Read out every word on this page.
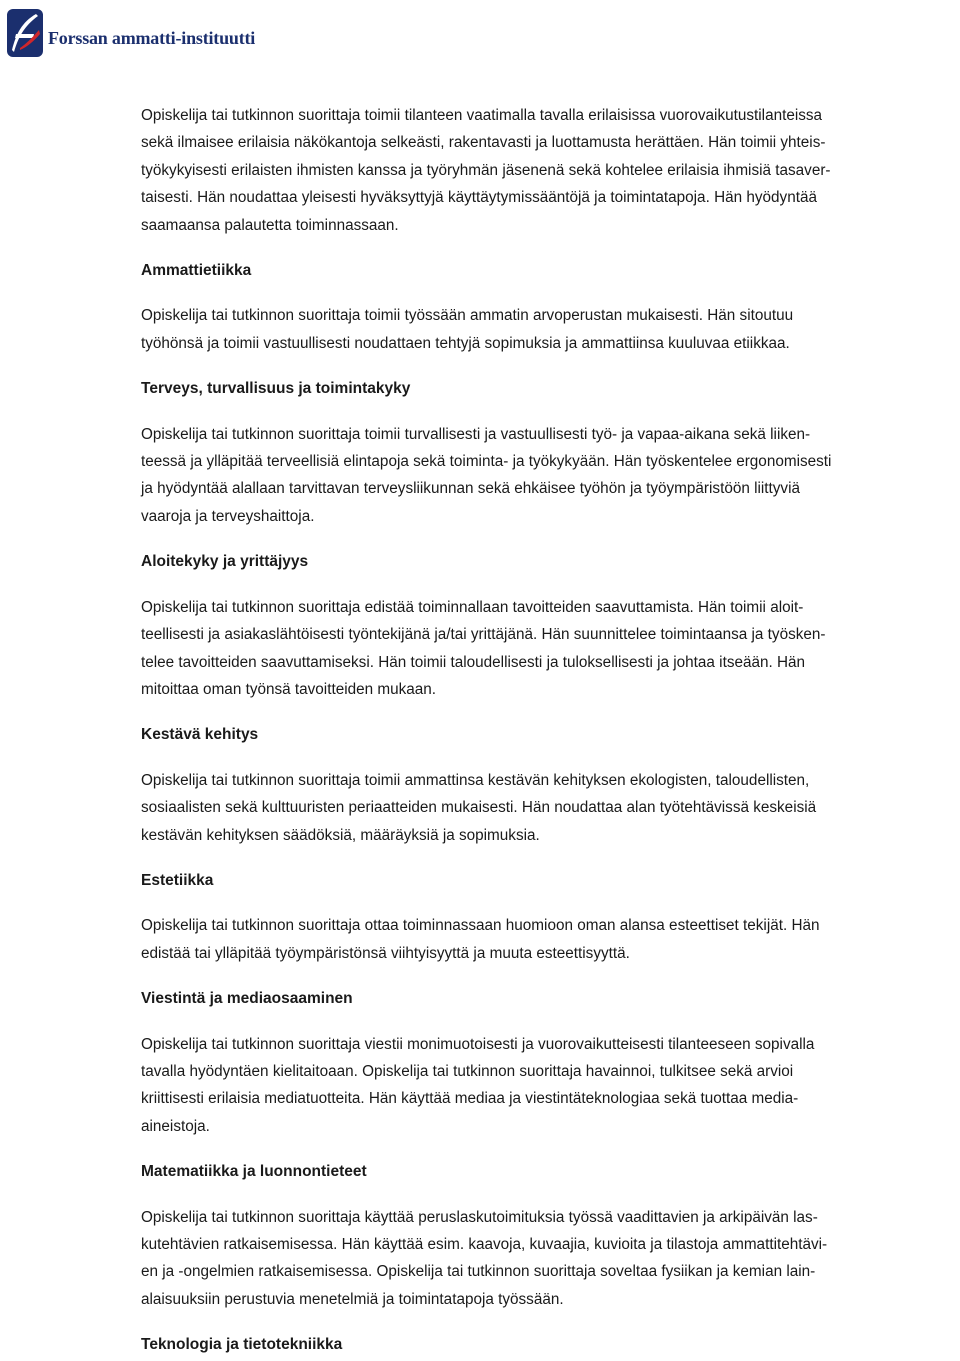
Forssan ammatti-instituutti
Opiskelija tai tutkinnon suorittaja toimii tilanteen vaatimalla tavalla erilaisissa vuorovaikutustilanteissa
sekä ilmaisee erilaisia näkökantoja selkeästi, rakentavasti ja luottamusta herättäen. Hän toimii yhteis-
työkykyisesti erilaisten ihmisten kanssa ja työryhmän jäsenenä sekä kohtelee erilaisia ihmisiä tasaver-
taisesti. Hän noudattaa yleisesti hyväksyttyjä käyttäytymissääntöjä ja toimintatapoja. Hän hyödyntää
saamaansa palautetta toiminnassaan.
Ammattietiikka
Opiskelija tai tutkinnon suorittaja toimii työssään ammatin arvoperustan mukaisesti. Hän sitoutuu
työhönsä ja toimii vastuullisesti noudattaen tehtyjä sopimuksia ja ammattiinsa kuuluvaa etiikkaa.
Terveys, turvallisuus ja toimintakyky
Opiskelija tai tutkinnon suorittaja toimii turvallisesti ja vastuullisesti työ- ja vapaa-aikana sekä liiken-
teessä ja ylläpitää terveellisiä elintapoja sekä toiminta- ja työkykyään. Hän työskentelee ergonomisesti
ja hyödyntää alallaan tarvittavan terveysliikunnan sekä ehkäisee työhön ja työympäristöön liittyviä
vaaroja ja terveyshaittoja.
Aloitekyky ja yrittäjyys
Opiskelija tai tutkinnon suorittaja edistää toiminnallaan tavoitteiden saavuttamista. Hän toimii aloit-
teellisesti ja asiakaslähtöisesti työntekijänä ja/tai yrittäjänä. Hän suunnittelee toimintaansa ja työsken-
telee tavoitteiden saavuttamiseksi. Hän toimii taloudellisesti ja tuloksellisesti ja johtaa itseään. Hän
mitoittaa oman työnsä tavoitteiden mukaan.
Kestävä kehitys
Opiskelija tai tutkinnon suorittaja toimii ammattinsa kestävän kehityksen ekologisten, taloudellisten,
sosiaalisten sekä kulttuuristen periaatteiden mukaisesti. Hän noudattaa alan työtehtävissä keskeisiä
kestävän kehityksen säädöksiä, määräyksiä ja sopimuksia.
Estetiikka
Opiskelija tai tutkinnon suorittaja ottaa toiminnassaan huomioon oman alansa esteettiset tekijät. Hän
edistää tai ylläpitää työympäristönsä viihtyisyyttä ja muuta esteettisyyttä.
Viestintä ja mediaosaaminen
Opiskelija tai tutkinnon suorittaja viestii monimuotoisesti ja vuorovaikutteisesti tilanteeseen sopivalla
tavalla hyödyntäen kielitaitoaan. Opiskelija tai tutkinnon suorittaja havainnoi, tulkitsee sekä arvioi
kriittisesti erilaisia mediatuotteita. Hän käyttää mediaa ja viestintäteknologiaa sekä tuottaa media-
aineistoja.
Matematiikka ja luonnontieteet
Opiskelija tai tutkinnon suorittaja käyttää peruslaskutoimituksia työssä vaadittavien ja arkipäivän las-
kutehtävien ratkaisemisessa. Hän käyttää esim. kaavoja, kuvaajia, kuvioita ja tilastoja ammattitehtävi-
en ja -ongelmien ratkaisemisessa. Opiskelija tai tutkinnon suorittaja soveltaa fysiikan ja kemian lain-
alaisuuksiin perustuvia menetelmiä ja toimintatapoja työssään.
Teknologia ja tietotekniikka
